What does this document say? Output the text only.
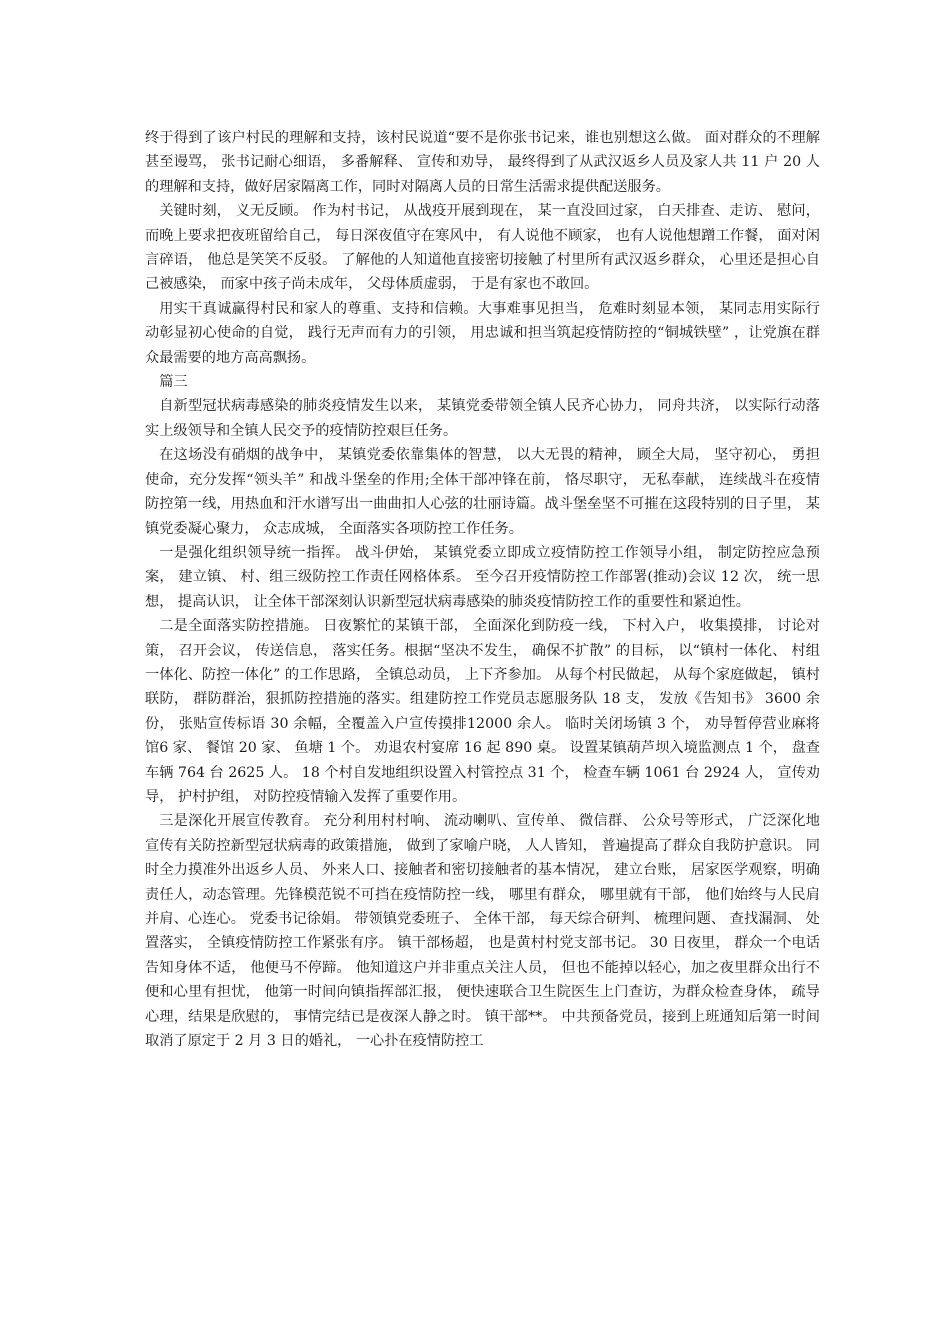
终于得到了该户村民的理解和支持，该村民说道“要不是你张书记来，谁也别想这么做。 面对群众的不理解甚至谩骂， 张书记耐心细语， 多番解释、 宣传和劝导， 最终得到了从武汉返乡人员及家人共 11 户 20 人的理解和支持，做好居家隔离工作，同时对隔离人员的日常生活需求提供配送服务。

关键时刻， 义无反顾。 作为村书记， 从战疫开展到现在， 某一直没回过家， 白天排查、走访、 慰问， 而晚上要求把夜班留给自己， 每日深夜值守在寒风中， 有人说他不顾家， 也有人说他想蹭工作餐， 面对闲言碎语， 他总是笑笑不反驳。 了解他的人知道他直接密切接触了村里所有武汉返乡群众， 心里还是担心自己被感染， 而家中孩子尚未成年， 父母体质虚弱， 于是有家也不敢回。

用实干真诚赢得村民和家人的尊重、支持和信赖。大事难事见担当， 危难时刻显本领， 某同志用实际行动彰显初心使命的自觉， 践行无声而有力的引领， 用忠诚和担当筑起疫情防控的“铜城铁壁” ，让党旗在群众最需要的地方高高飘扬。

篇三

自新型冠状病毒感染的肺炎疫情发生以来， 某镇党委带领全镇人民齐心协力， 同舟共济， 以实际行动落实上级领导和全镇人民交予的疫情防控艰巨任务。

在这场没有硝烟的战争中， 某镇党委依靠集体的智慧， 以大无畏的精神， 顾全大局， 坚守初心， 勇担使命，充分发挥“领头羊” 和战斗堡垒的作用;全体干部冲锋在前， 恪尽职守， 无私奉献， 连续战斗在疫情防控第一线，用热血和汗水谱写出一曲曲扣人心弦的壮丽诗篇。战斗堡垒坚不可摧在这段特别的日子里， 某镇党委凝心聚力， 众志成城， 全面落实各项防控工作任务。

一是强化组织领导统一指挥。 战斗伊始， 某镇党委立即成立疫情防控工作领导小组， 制定防控应急预案， 建立镇、 村、组三级防控工作责任网格体系。 至今召开疫情防控工作部署(推动)会议 12 次， 统一思想， 提高认识， 让全体干部深刻认识新型冠状病毒感染的肺炎疫情防控工作的重要性和紧迫性。

二是全面落实防控措施。 日夜繁忙的某镇干部， 全面深化到防疫一线， 下村入户， 收集摸排， 讨论对策， 召开会议， 传送信息， 落实任务。根据“坚决不发生， 确保不扩散” 的目标， 以“镇村一体化、 村组一体化、防控一体化” 的工作思路， 全镇总动员， 上下齐参加。 从每个村民做起， 从每个家庭做起， 镇村联防， 群防群治，狠抓防控措施的落实。组建防控工作党员志愿服务队 18 支， 发放《告知书》 3600 余份， 张贴宣传标语 30 余幅，全覆盖入户宣传摸排12000 余人。 临时关闭场镇 3 个， 劝导暂停营业麻将馆6 家、 餐馆 20 家、 鱼塘 1 个。 劝退农村宴席 16 起 890 桌。 设置某镇葫芦坝入境监测点 1 个， 盘查车辆 764 台 2625 人。 18 个村自发地组织设置入村管控点 31 个， 检查车辆 1061 台 2924 人， 宣传劝导， 护村护组， 对防控疫情输入发挥了重要作用。

三是深化开展宣传教育。 充分利用村村响、 流动喇叭、宣传单、 微信群、 公众号等形式， 广泛深化地宣传有关防控新型冠状病毒的政策措施， 做到了家喻户晓， 人人皆知， 普遍提高了群众自我防护意识。 同时全力摸准外出返乡人员、 外来人口、接触者和密切接触者的基本情况， 建立台账， 居家医学观察，明确责任人，动态管理。先锋模范锐不可挡在疫情防控一线， 哪里有群众， 哪里就有干部， 他们始终与人民肩并肩、心连心。 党委书记徐娟。 带领镇党委班子、 全体干部， 每天综合研判、 梳理问题、 查找漏洞、 处置落实， 全镇疫情防控工作紧张有序。 镇干部杨超， 也是黄村村党支部书记。 30 日夜里， 群众一个电话告知身体不适， 他便马不停蹄。 他知道这户并非重点关注人员， 但也不能掉以轻心，加之夜里群众出行不便和心里有担忧， 他第一时间向镇指挥部汇报， 便快速联合卫生院医生上门查访，为群众检查身体， 疏导心理，结果是欣慰的， 事情完结已是夜深人静之时。 镇干部**。 中共预备党员，接到上班通知后第一时间取消了原定于 2 月 3 日的婚礼， 一心扑在疫情防控工
